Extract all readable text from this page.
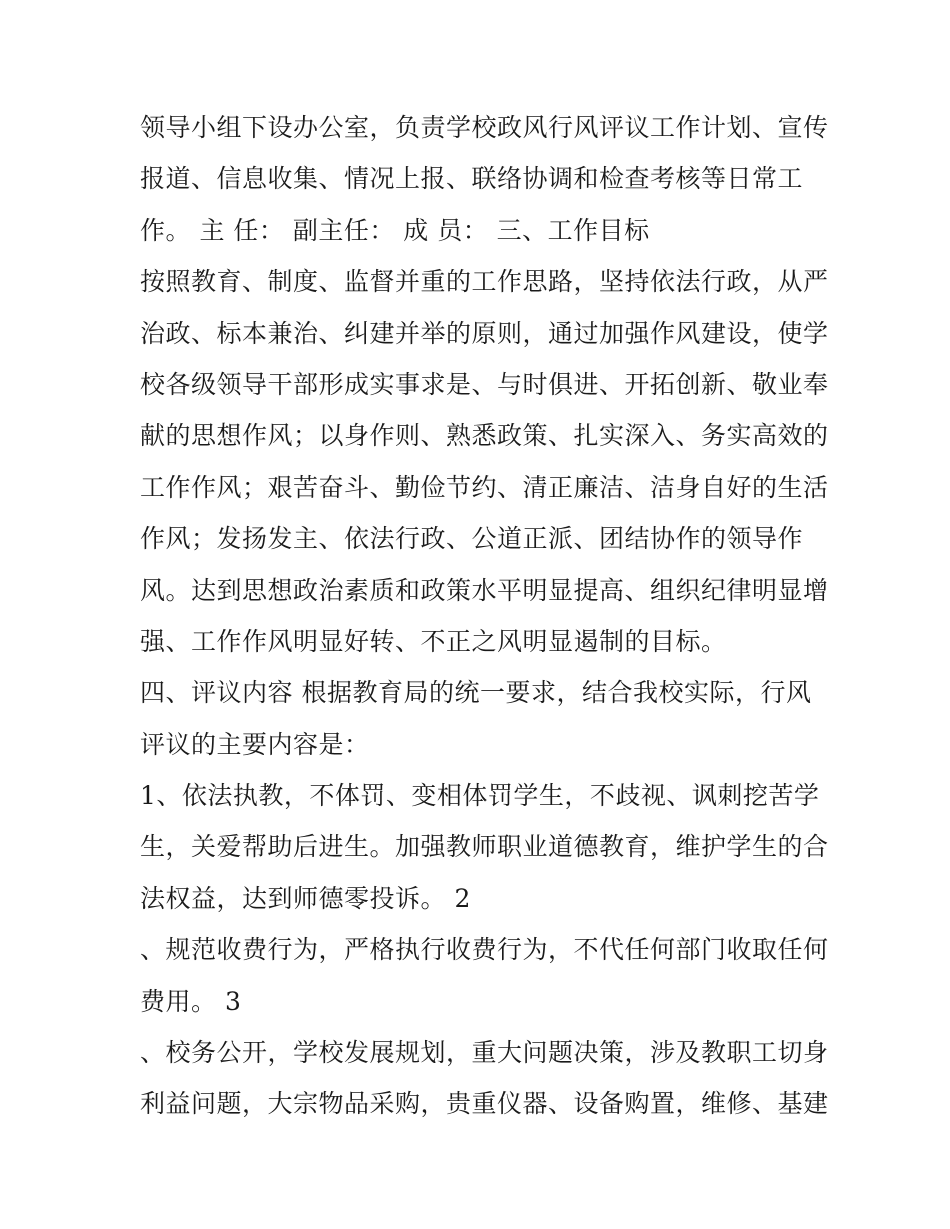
领导小组下设办公室，负责学校政风行风评议工作计划、宣传
报道、信息收集、情况上报、联络协调和检查考核等日常工
作。 主 任： 副主任： 成 员： 三、工作目标
按照教育、制度、监督并重的工作思路，坚持依法行政，从严
治政、标本兼治、纠建并举的原则，通过加强作风建设，使学
校各级领导干部形成实事求是、与时俱进、开拓创新、敬业奉
献的思想作风；以身作则、熟悉政策、扎实深入、务实高效的
工作作风；艰苦奋斗、勤俭节约、清正廉洁、洁身自好的生活
作风；发扬发主、依法行政、公道正派、团结协作的领导作
风。达到思想政治素质和政策水平明显提高、组织纪律明显增
强、工作作风明显好转、不正之风明显遏制的目标。
四、评议内容 根据教育局的统一要求，结合我校实际，行风
评议的主要内容是：
1、依法执教，不体罚、变相体罚学生，不歧视、讽刺挖苦学
生，关爱帮助后进生。加强教师职业道德教育，维护学生的合
法权益，达到师德零投诉。 2
、规范收费行为，严格执行收费行为，不代任何部门收取任何
费用。 3
、校务公开，学校发展规划，重大问题决策，涉及教职工切身
利益问题，大宗物品采购，贵重仪器、设备购置，维修、基建
